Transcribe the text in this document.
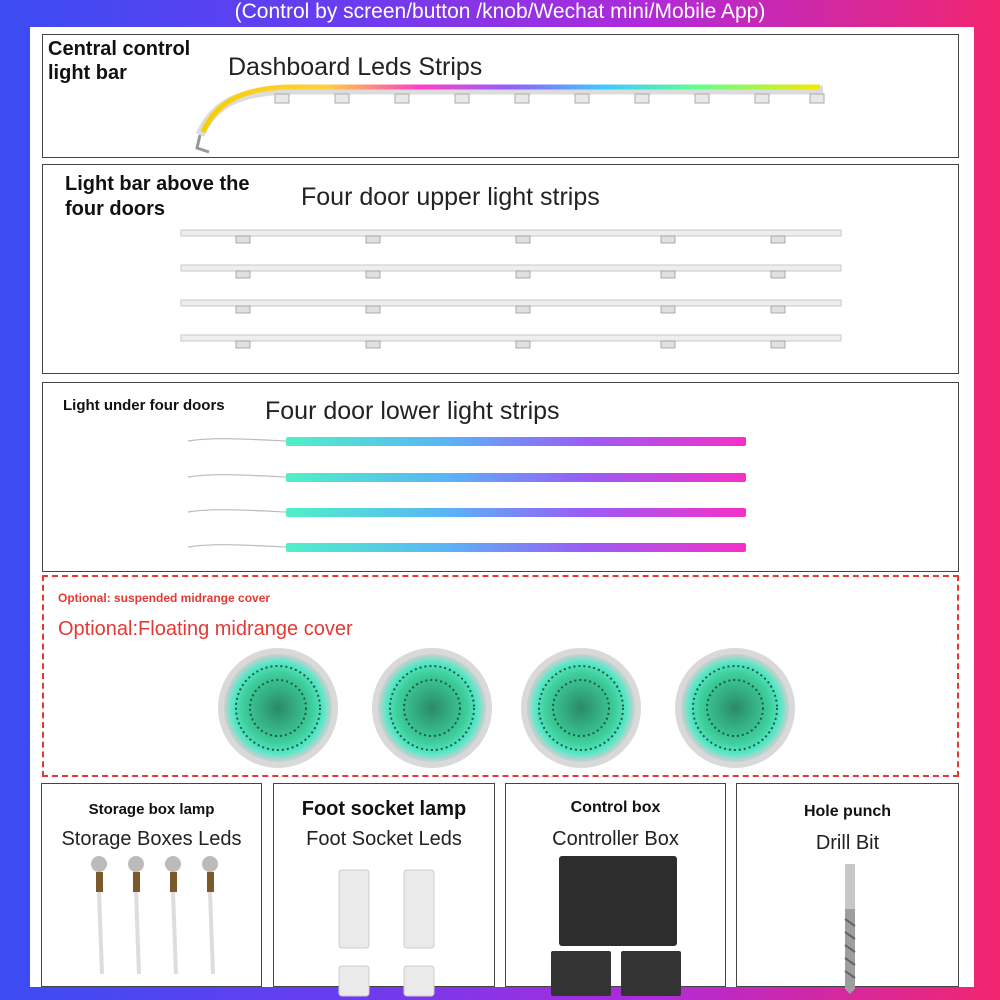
(Control by screen/button /knob/Wechat mini/Mobile App)
Central control
light bar	Dashboard Leds Strips
Light bar above the
four doors	Four door upper light strips
Light under four doors Four door lower light strips
Optional: suspended midrange cover
Optional:Floating midrange cover
Storage box lamp
Storage Boxes Leds
Foot socket lamp
Foot Socket Leds
Control box
Controller Box
Hole punch
Drill Bit
